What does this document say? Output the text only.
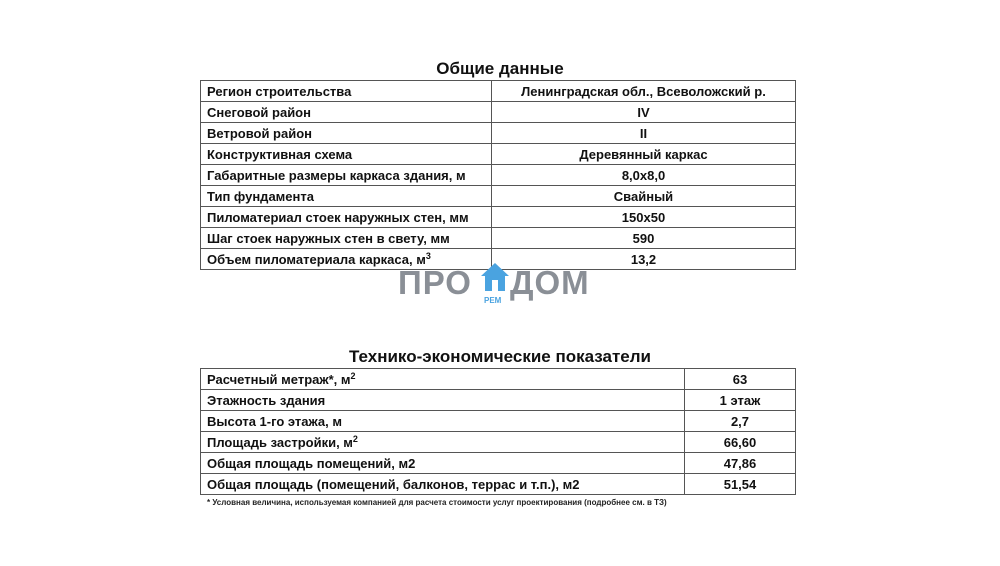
Общие данные
Регион строительства	Ленинградская обл., Всеволожский р.
Снеговой район	IV
Ветровой район	II
Конструктивная схема	Деревянный каркас
Габаритные размеры каркаса здания, м	8,0x8,0
Тип фундамента	Свайный
Пиломатериал стоек наружных стен, мм	150x50
Шаг стоек наружных стен в свету, мм	590
Объем пиломатериала каркаса, $м^3$	13,2
ПРО ДОМ
РЕМ
Технико-экономические показатели
Расчетный метраж*, $м^2$	63
Этажность здания	1 этаж
Высота 1-го этажа, м	2,7
Площадь застройки, $м^2$	66,60
Общая площадь помещений, м2	47,86
Общая площадь (помещений, балконов, террас и т.п.), м2	51,54
* Условная величина, используемая компанией для расчета стоимости услуг проектирования (подробнее см. в ТЗ)
